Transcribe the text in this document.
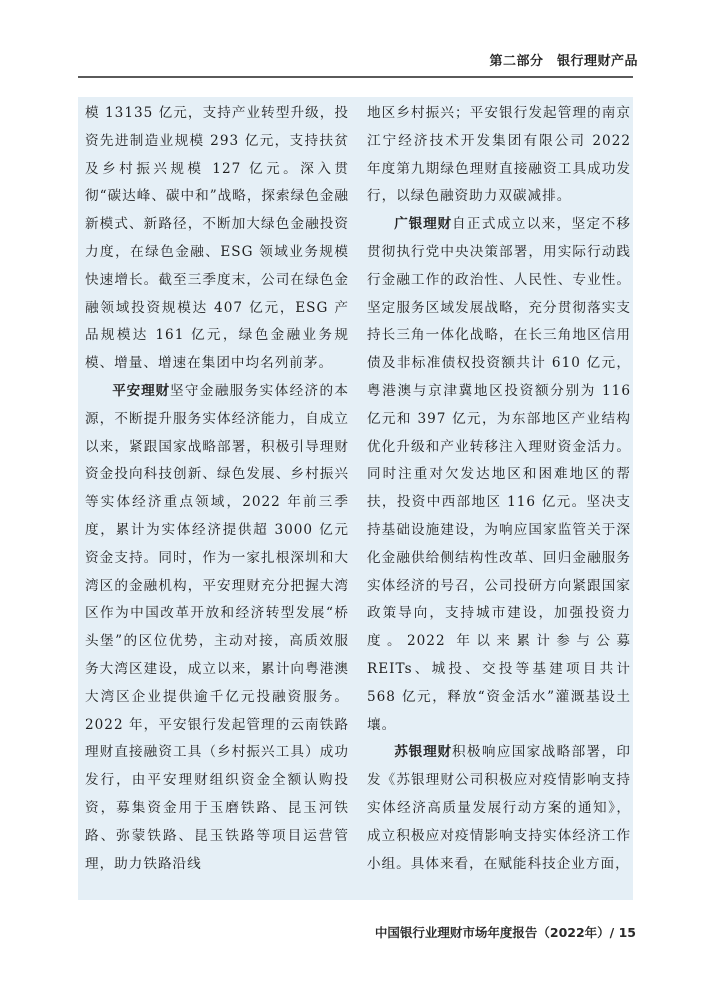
第二部分　银行理财产品

模 13135 亿元，支持产业转型升级，投资先进制造业规模 293 亿元，支持扶贫及乡村振兴规模 127 亿元。深入贯彻“碳达峰、碳中和”战略，探索绿色金融新模式、新路径，不断加大绿色金融投资力度，在绿色金融、ESG 领域业务规模快速增长。截至三季度末，公司在绿色金融领域投资规模达 407 亿元，ESG 产品规模达 161 亿元，绿色金融业务规模、增量、增速在集团中均名列前茅。

平安理财坚守金融服务实体经济的本源，不断提升服务实体经济能力，自成立以来，紧跟国家战略部署，积极引导理财资金投向科技创新、绿色发展、乡村振兴等实体经济重点领域，2022 年前三季度，累计为实体经济提供超 3000 亿元资金支持。同时，作为一家扎根深圳和大湾区的金融机构，平安理财充分把握大湾区作为中国改革开放和经济转型发展“桥头堡”的区位优势，主动对接，高质效服务大湾区建设，成立以来，累计向粤港澳大湾区企业提供逾千亿元投融资服务。2022 年，平安银行发起管理的云南铁路理财直接融资工具（乡村振兴工具）成功发行，由平安理财组织资金全额认购投资，募集资金用于玉磨铁路、昆玉河铁路、弥蒙铁路、昆玉铁路等项目运营管理，助力铁路沿线

地区乡村振兴；平安银行发起管理的南京江宁经济技术开发集团有限公司 2022 年度第九期绿色理财直接融资工具成功发行，以绿色融资助力双碳减排。

广银理财自正式成立以来，坚定不移贯彻执行党中央决策部署，用实际行动践行金融工作的政治性、人民性、专业性。坚定服务区域发展战略，充分贯彻落实支持长三角一体化战略，在长三角地区信用债及非标准债权投资额共计 610 亿元，粤港澳与京津冀地区投资额分别为 116 亿元和 397 亿元，为东部地区产业结构优化升级和产业转移注入理财资金活力。同时注重对欠发达地区和困难地区的帮扶，投资中西部地区 116 亿元。坚决支持基础设施建设，为响应国家监管关于深化金融供给侧结构性改革、回归金融服务实体经济的号召，公司投研方向紧跟国家政策导向，支持城市建设，加强投资力度。2022 年以来累计参与公募 REITs、城投、交投等基建项目共计 568 亿元，释放“资金活水”灌溉基设土壤。

苏银理财积极响应国家战略部署，印发《苏银理财公司积极应对疫情影响支持实体经济高质量发展行动方案的通知》，成立积极应对疫情影响支持实体经济工作小组。具体来看，在赋能科技企业方面，

中国银行业理财市场年度报告（2022年）/ 15
